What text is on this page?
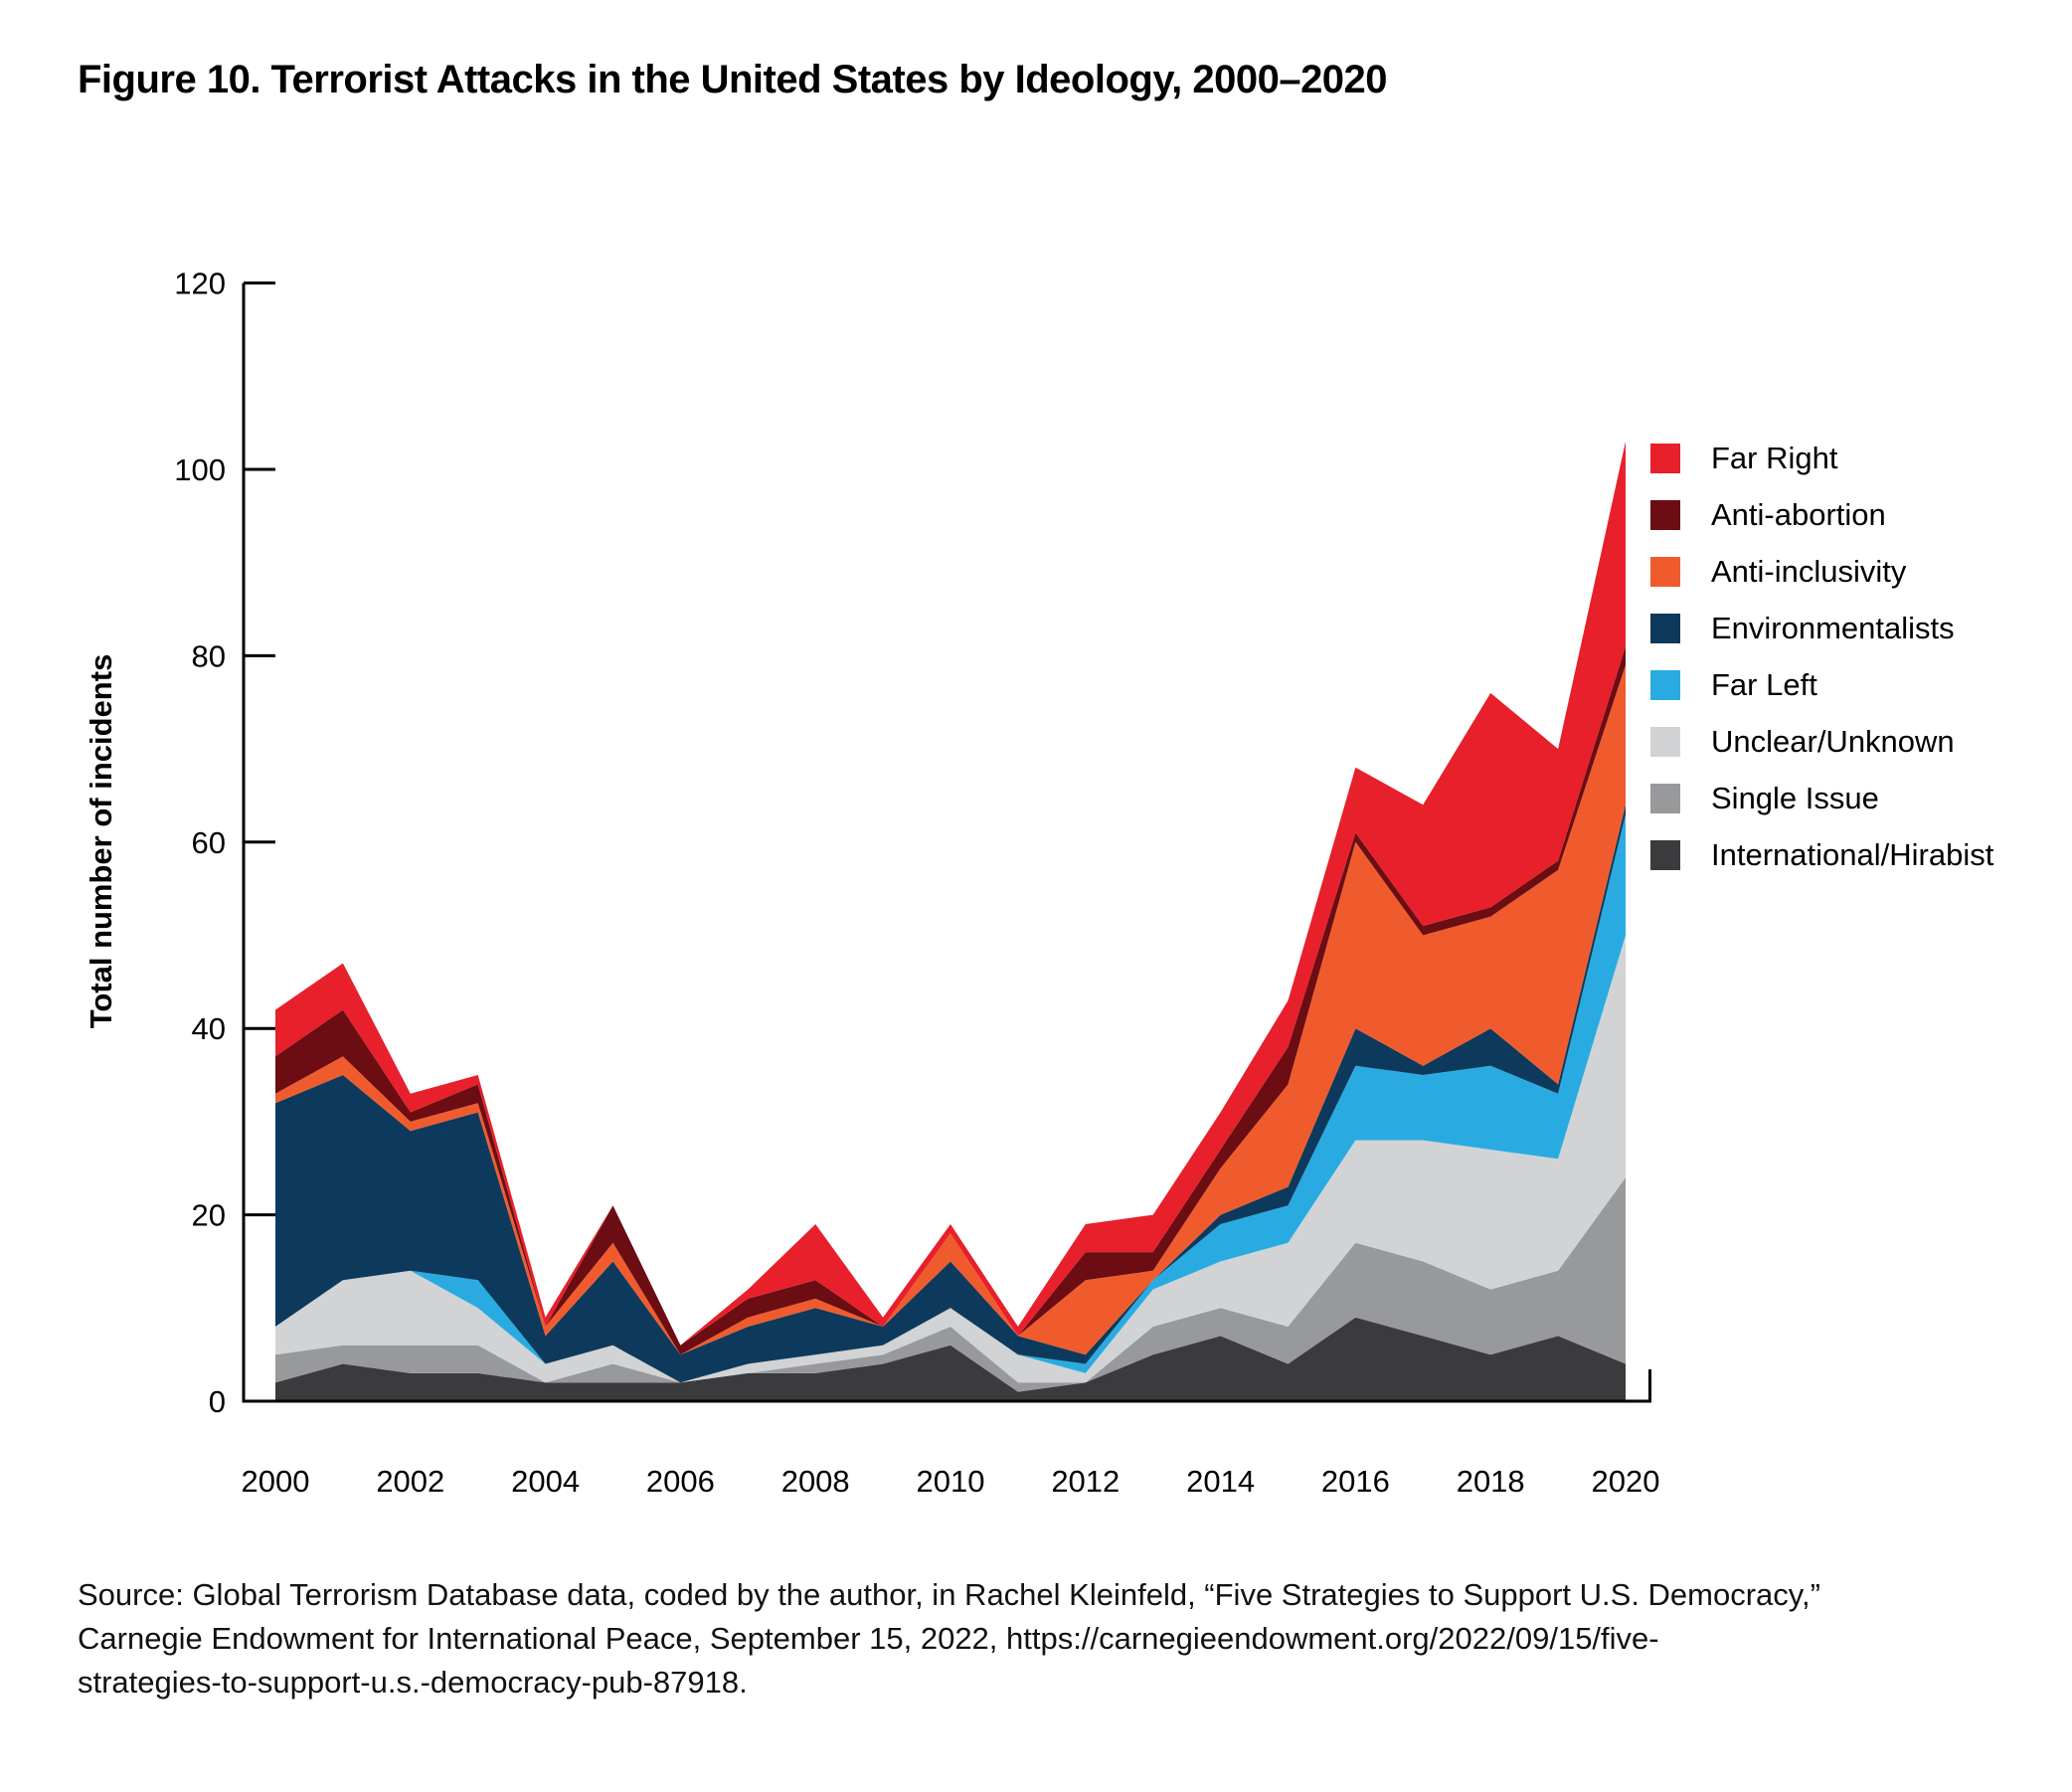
Figure 10. Terrorist Attacks in the United States by Ideology, 2000–2020
0
20
40
60
80
100
120
2000 2002 2004 2006 2008 2010 2012 2014 2016 2018 2020
Total number of incidents
Far Right
Anti-abortion
Anti-inclusivity
Environmentalists
Far Left
Unclear/Unknown
Single Issue
International/Hirabist
Source: Global Terrorism Database data, coded by the author, in Rachel Kleinfeld, “Five Strategies to Support U.S. Democracy,”
Carnegie Endowment for International Peace, September 15, 2022, https://carnegieendowment.org/2022/09/15/five-
strategies-to-support-u.s.-democracy-pub-87918.
